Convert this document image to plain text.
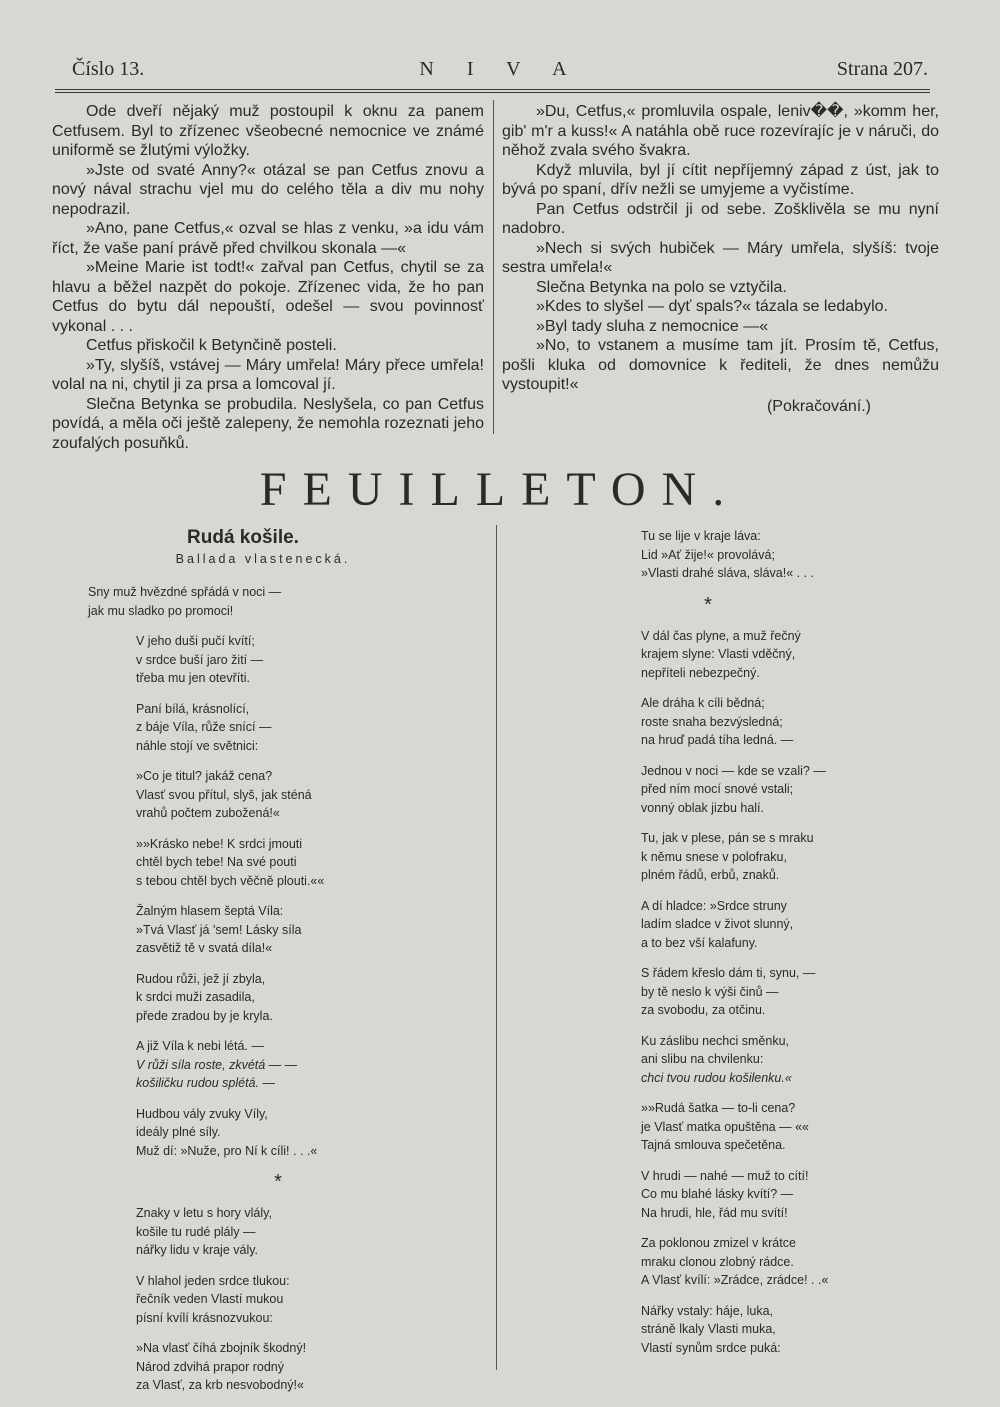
Číslo 13.	N I V A	Strana 207.

Ode dveří nějaký muž postoupil k oknu za panem Cetfusem. Byl to zřízenec všeobecné nemocnice ve známé uniformě se žlutými výložky.

»Jste od svaté Anny?« otázal se pan Cetfus znovu a nový nával strachu vjel mu do celého těla a div mu nohy nepodrazil.

»Ano, pane Cetfus,« ozval se hlas z venku, »a idu vám říct, že vaše paní právě před chvilkou skonala —«

»Meine Marie ist todt!« zařval pan Cetfus, chytil se za hlavu a běžel nazpět do pokoje. Zřízenec vida, že ho pan Cetfus do bytu dál nepouští, odešel — svou povinnosť vykonal . . .

Cetfus přiskočil k Betynčině posteli.

»Ty, slyšíš, vstávej — Máry umřela! Máry přece umřela! volal na ni, chytil ji za prsa a lomcoval jí.

Slečna Betynka se probudila. Neslyšela, co pan Cetfus povídá, a měla oči ještě zalepeny, že nemohla rozeznati jeho zoufalých posuňků.

»Du, Cetfus,« promluvila ospale, leniv��, »komm her, gib' m'r a kuss!« A natáhla obě ruce rozevírajíc je v náruči, do něhož zvala svého švakra.

Když mluvila, byl jí cítit nepříjemný západ z úst, jak to bývá po spaní, dřív nežli se umyjeme a vyčistíme.

Pan Cetfus odstrčil ji od sebe. Zošklivěla se mu nyní nadobro.

»Nech si svých hubiček — Máry umřela, slyšíš: tvoje sestra umřela!«

Slečna Betynka na polo se vztyčila.

»Kdes to slyšel — dyť spals?« tázala se ledabylo.

»Byl tady sluha z nemocnice —«

»No, to vstanem a musíme tam jít. Prosím tě, Cetfus, pošli kluka od domovnice k řediteli, že dnes nemůžu vystoupit!«

(Pokračování.)

FEUILLETON.
Rudá košile.
Ballada vlastenecká.
Sny muž hvězdné spřádá v noci —
jak mu sladko po promoci!
V jeho duši pučí kvítí;
v srdce buší jaro žití —
třeba mu jen otevříti.
Paní bílá, krásnolící,
z báje Víla, růže snící —
náhle stojí ve světnici:
»Co je titul? jakáž cena?
Vlasť svou přítul, slyš, jak sténá
vrahů počtem zubožená!«
»»Krásko nebe! K srdci jmouti
chtěl bych tebe! Na své pouti
s tebou chtěl bych věčně plouti.««
Žalným hlasem šeptá Víla:
»Tvá Vlasť já 'sem! Lásky síla
zasvětiž tě v svatá díla!«
Rudou růži, jež jí zbyla,
k srdci muži zasadila,
přede zradou by je kryla.
A již Víla k nebi létá. —
V růži síla roste, zkvétá — —
košiličku rudou splétá. —
Hudbou vály zvuky Víly,
ideály plné síly.
Muž dí: »Nuže, pro Ní k cíli! . . .«
*
Znaky v letu s hory vlály,
košile tu rudé plály —
nářky lidu v kraje vály.
V hlahol jeden srdce tlukou:
řečník veden Vlastí mukou
písní kvílí krásnozvukou:
»Na vlasť číhá zbojník škodný!
Národ zdvihá prapor rodný
za Vlasť, za krb nesvobodný!«
Tu se lije v kraje láva:
Lid »Ať žije!« provolává;
»Vlasti drahé sláva, sláva!« . . .
*
V dál čas plyne, a muž řečný
krajem slyne: Vlasti vděčný,
nepříteli nebezpečný.
Ale dráha k cíli bědná;
roste snaha bezvýsledná;
na hruď padá tíha ledná. —
Jednou v noci — kde se vzali? —
před ním mocí snové vstali;
vonný oblak jizbu halí.
Tu, jak v plese, pán se s mraku
k němu snese v polofraku,
plném řádů, erbů, znaků.
A dí hladce: »Srdce struny
ladím sladce v život slunný,
a to bez vší kalafuny.
S řádem křeslo dám ti, synu, —
by tě neslo k výši činů —
za svobodu, za otčinu.
Ku záslibu nechci směnku,
ani slibu na chvilenku:
chci tvou rudou košilenku.«
»»Rudá šatka — to-li cena?
je Vlasť matka opuštěna — ««
Tajná smlouva spečetěna.
V hrudi — nahé — muž to cítí!
Co mu blahé lásky kvítí? —
Na hrudi, hle, řád mu svítí!
Za poklonou zmizel v krátce
mraku clonou zlobný rádce.
A Vlasť kvílí: »Zrádce, zrádce! . .«
Nářky vstaly: háje, luka,
stráně lkaly Vlasti muka,
Vlastí synům srdce puká:
